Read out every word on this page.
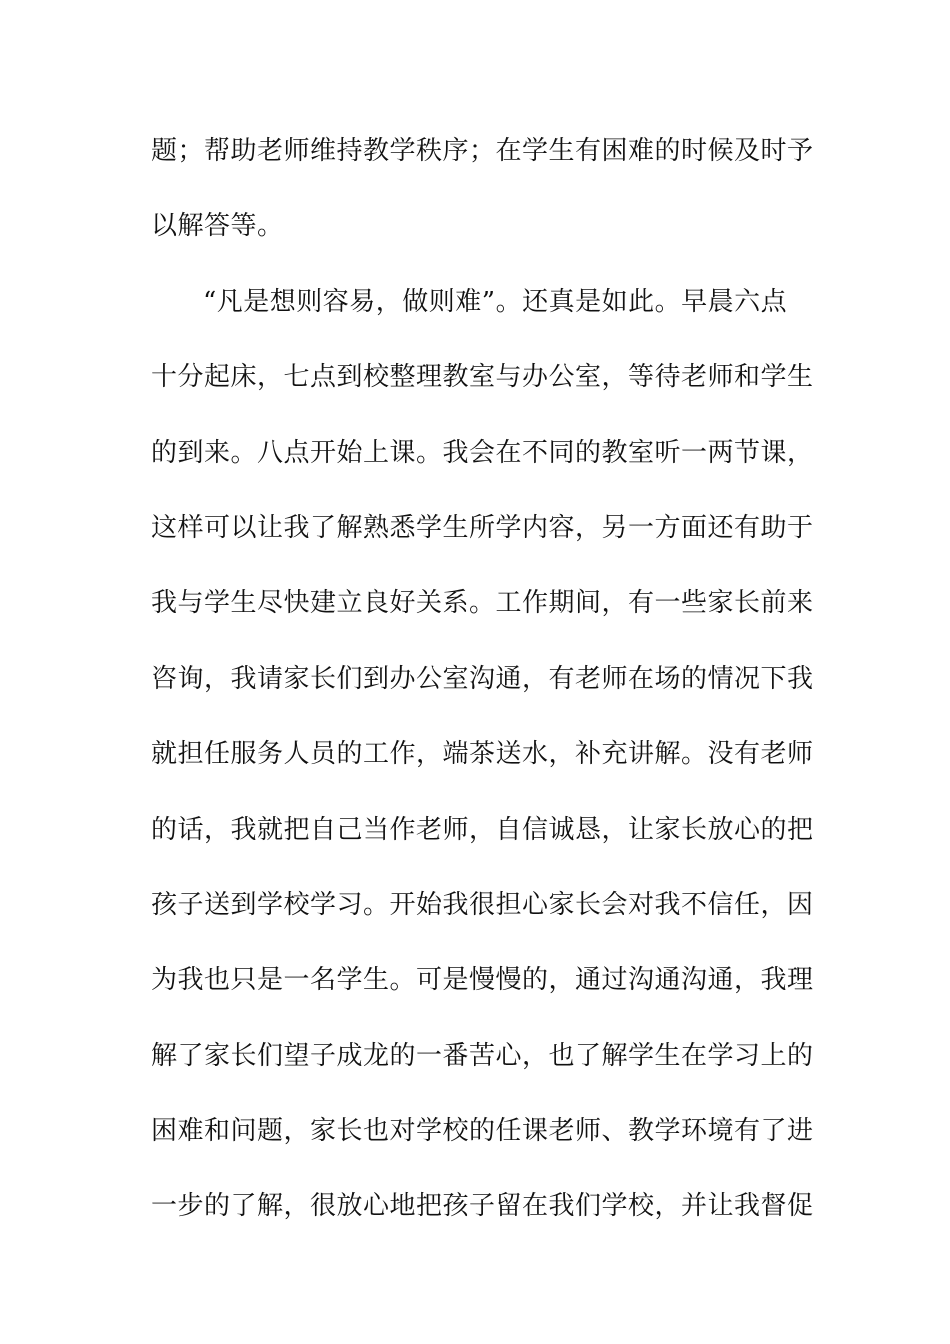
题；帮助老师维持教学秩序；在学生有困难的时候及时予
以解答等。
“凡是想则容易，做则难”。还真是如此。早晨六点
十分起床，七点到校整理教室与办公室，等待老师和学生
的到来。八点开始上课。我会在不同的教室听一两节课，
这样可以让我了解熟悉学生所学内容，另一方面还有助于
我与学生尽快建立良好关系。工作期间，有一些家长前来
咨询，我请家长们到办公室沟通，有老师在场的情况下我
就担任服务人员的工作，端茶送水，补充讲解。没有老师
的话，我就把自己当作老师，自信诚恳，让家长放心的把
孩子送到学校学习。开始我很担心家长会对我不信任，因
为我也只是一名学生。可是慢慢的，通过沟通沟通，我理
解了家长们望子成龙的一番苦心，也了解学生在学习上的
困难和问题，家长也对学校的任课老师、教学环境有了进
一步的了解，很放心地把孩子留在我们学校，并让我督促
